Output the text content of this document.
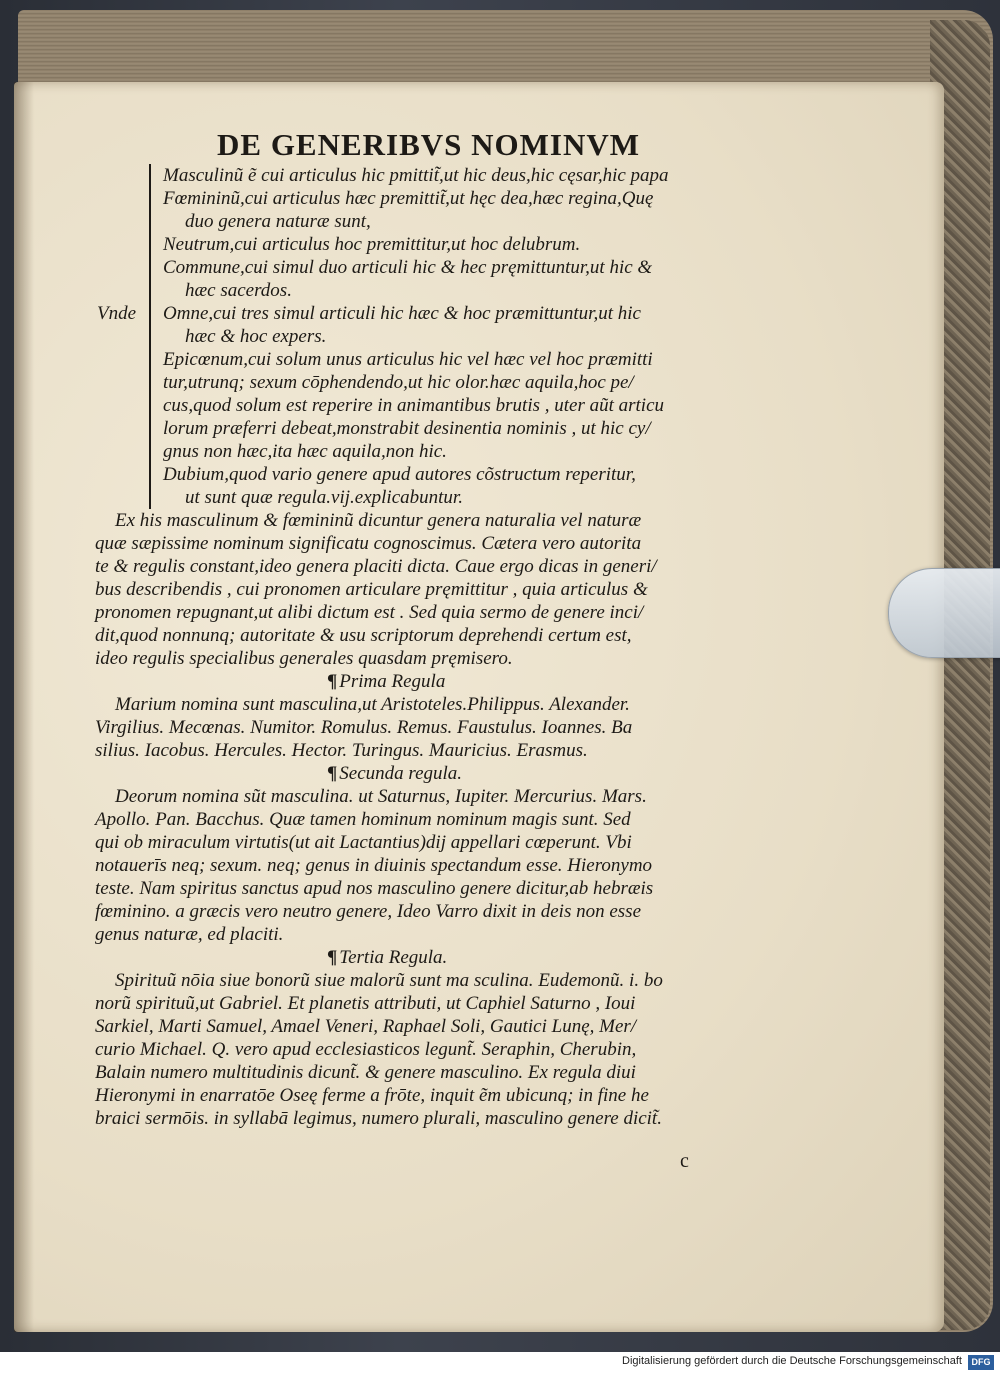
DE GENERIBVS NOMINVM
Vnde
Masculinũ ẽ cui articulus hic pmittit̃,ut hic deus,hic cęsar,hic papa
Fœmininũ,cui articulus hæc premittit̃,ut hęc dea,hæc regina,Quę
duo genera naturæ sunt,
Neutrum,cui articulus hoc premittitur,ut hoc delubrum.
Commune,cui simul duo articuli hic & hec pręmittuntur,ut hic &
hæc sacerdos.
Omne,cui tres simul articuli hic hæc & hoc præmittuntur,ut hic
hæc & hoc expers.
Epicœnum,cui solum unus articulus hic vel hæc vel hoc præmitti
tur,utrunq; sexum cōphendendo,ut hic olor.hæc aquila,hoc pe/
cus,quod solum est reperire in animantibus brutis , uter aũt articu
lorum præferri debeat,monstrabit desinentia nominis , ut hic cy/
gnus non hæc,ita hæc aquila,non hic.
Dubium,quod vario genere apud autores cõstructum reperitur,
ut sunt quæ regula.vij.explicabuntur.
Ex his masculinum & fœmininũ dicuntur genera naturalia vel naturæ
quæ sæpissime nominum significatu cognoscimus. Cætera vero autorita
te & regulis constant,ideo genera placiti dicta. Caue ergo dicas in generi/
bus describendis , cui pronomen articulare pręmittitur , quia articulus &
pronomen repugnant,ut alibi dictum est . Sed quia sermo de genere inci/
dit,quod nonnunq; autoritate & usu scriptorum deprehendi certum est,
ideo regulis specialibus generales quasdam pręmisero.
¶ Prima Regula
Marium nomina sunt masculina,ut Aristoteles.Philippus. Alexander.
Virgilius. Mecœnas. Numitor. Romulus. Remus. Faustulus. Ioannes. Ba
silius. Iacobus. Hercules. Hector. Turingus. Mauricius. Erasmus.
¶ Secunda regula.
Deorum nomina sũt masculina. ut Saturnus, Iupiter. Mercurius. Mars.
Apollo. Pan. Bacchus. Quæ tamen hominum nominum magis sunt. Sed
qui ob miraculum virtutis(ut ait Lactantius)dij appellari cœperunt. Vbi
notauerīs neq; sexum. neq; genus in diuinis spectandum esse. Hieronymo
teste. Nam spiritus sanctus apud nos masculino genere dicitur,ab hebræis
fœminino. a græcis vero neutro genere, Ideo Varro dixit in deis non esse
genus naturæ, ed placiti.
¶ Tertia Regula.
Spirituũ nōia siue bonorũ siue malorũ sunt ma sculina. Eudemonũ. i. bo
norũ spirituũ,ut Gabriel. Et planetis attributi, ut Caphiel Saturno , Ioui
Sarkiel, Marti Samuel, Amael Veneri, Raphael Soli, Gautici Lunę, Mer/
curio Michael. Q. vero apud ecclesiasticos legunt̃. Seraphin, Cherubin,
Balain numero multitudinis dicunt̃. & genere masculino. Ex regula diui
Hieronymi in enarratōe Oseę ferme a frōte, inquit ẽm ubicunq; in fine he
braici sermōis. in syllabā legimus, numero plurali, masculino genere dicit̃.
c
Digitalisierung gefördert durch die Deutsche Forschungsgemeinschaft	DFG
